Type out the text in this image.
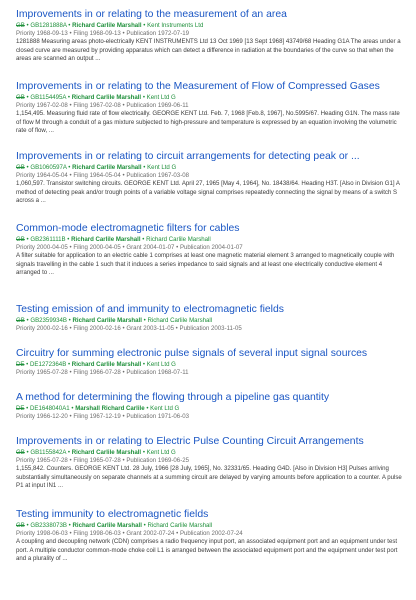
Improvements in or relating to the measurement of an area
GB • GB1281888A • Richard Carlile Marshall • Kent Instruments Ltd
Priority 1968-09-13 • Filing 1968-09-13 • Publication 1972-07-19
1281888 Measuring areas photo-electrically KENT INSTRUMENTS Ltd 13 Oct 1969 [13 Sept 1968] 43749/68 Heading G1A The areas under a closed curve are measured by providing apparatus which can detect a difference in radiation at the boundaries of the curve so that when the areas are scanned an output ...
Improvements in or relating to the Measurement of Flow of Compressed Gases
GB • GB1154495A • Richard Carlile Marshall • Kent Ltd G
Priority 1967-02-08 • Filing 1967-02-08 • Publication 1969-06-11
1,154,495. Measuring fluid rate of flow electrically. GEORGE KENT Ltd. Feb. 7, 1968 [Feb.8, 1967], No.5995/67. Heading G1N. The mass rate of flow M through a conduit of a gas mixture subjected to high-pressure and temperature is expressed by an equation involving the volumetric rate of flow, ...
Improvements in or relating to circuit arrangements for detecting peak or ...
GB • GB1060597A • Richard Carlile Marshall • Kent Ltd G
Priority 1964-05-04 • Filing 1964-05-04 • Publication 1967-03-08
1,060,597. Transistor switching circuits. GEORGE KENT Ltd. April 27, 1965 [May 4, 1964], No. 18438/64. Heading H3T. [Also in Division G1] A method of detecting peak and/or trough points of a variable voltage signal comprises repeatedly connecting the signal by means of a switch S across a ...
Common-mode electromagnetic filters for cables
GB • GB2361111B • Richard Carlile Marshall • Richard Carlile Marshall
Priority 2000-04-05 • Filing 2000-04-05 • Grant 2004-01-07 • Publication 2004-01-07
A filter suitable for application to an electric cable 1 comprises at least one magnetic material element 3 arranged to magnetically couple with signals travelling in the cable 1 such that it induces a series impedance to said signals and at least one electrically conductive element 4 arranged to ...
Testing emission of and immunity to electromagnetic fields
GB • GB2359934B • Richard Carlile Marshall • Richard Carlile Marshall
Priority 2000-02-16 • Filing 2000-02-16 • Grant 2003-11-05 • Publication 2003-11-05
Circuitry for summing electronic pulse signals of several input signal sources
DE • DE1272364B • Richard Carlile Marshall • Kent Ltd G
Priority 1965-07-28 • Filing 1966-07-28 • Publication 1968-07-11
A method for determining the flowing through a pipeline gas quantity
DE • DE1648040A1 • Marshall Richard Carlile • Kent Ltd G
Priority 1966-12-20 • Filing 1967-12-19 • Publication 1971-06-03
Improvements in or relating to Electric Pulse Counting Circuit Arrangements
GB • GB1155842A • Richard Carlile Marshall • Kent Ltd G
Priority 1965-07-28 • Filing 1965-07-28 • Publication 1969-06-25
1,155,842. Counters. GEORGE KENT Ltd. 28 July, 1966 [28 July, 1965], No. 32331/65. Heading G4D. [Also in Division H3] Pulses arriving substantially simultaneously on separate channels at a summing circuit are delayed by varying amounts before application to a counter. A pulse P1 at input IN1 ...
Testing immunity to electromagnetic fields
GB • GB2338073B • Richard Carlile Marshall • Richard Carlile Marshall
Priority 1998-06-03 • Filing 1998-06-03 • Grant 2002-07-24 • Publication 2002-07-24
A coupling and decoupling network (CDN) comprises a radio frequency input port, an associated equipment port and an equipment under test port. A multiple conductor common-mode choke coil L1 is arranged between the associated equipment port and the equipment under test port and a plurality of ...
